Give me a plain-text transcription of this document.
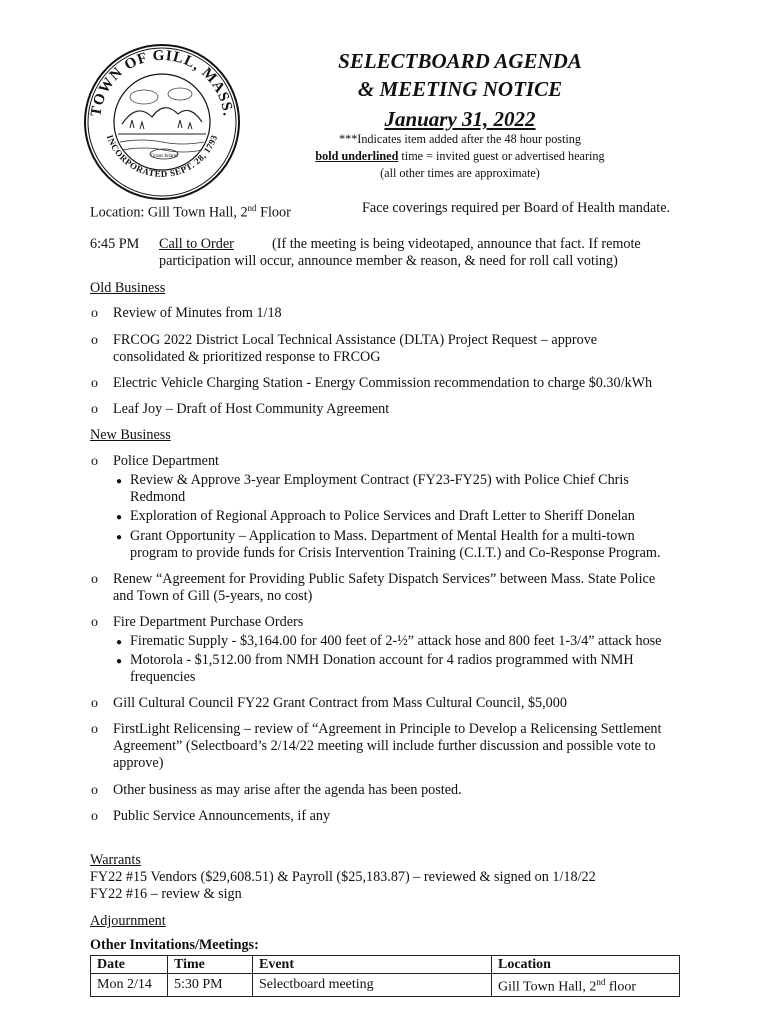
TOWN OF GILL, MASS.
INCORPORATED SEPT. 28, 1793
Grant Island
SELECTBOARD AGENDA
& MEETING NOTICE
January 31, 2022
***Indicates item added after the 48 hour posting
bold underlined time = invited guest or advertised hearing
(all other times are approximate)
Location: Gill Town Hall, 2nd Floor	Face coverings required per Board of Health mandate.
6:45 PM Call to Order	(If the meeting is being videotaped, announce that fact. If remote
participation will occur, announce member & reason, & need for roll call voting)
Old Business
o Review of Minutes from 1/18
o FRCOG 2022 District Local Technical Assistance (DLTA) Project Request – approve
consolidated & prioritized response to FRCOG
o Electric Vehicle Charging Station - Energy Commission recommendation to charge $0.30/kWh
o Leaf Joy – Draft of Host Community Agreement
New Business
o Police Department
● Review & Approve 3-year Employment Contract (FY23-FY25) with Police Chief Chris
Redmond
● Exploration of Regional Approach to Police Services and Draft Letter to Sheriff Donelan
● Grant Opportunity – Application to Mass. Department of Mental Health for a multi-town
program to provide funds for Crisis Intervention Training (C.I.T.) and Co-Response Program.
o Renew “Agreement for Providing Public Safety Dispatch Services” between Mass. State Police
and Town of Gill (5-years, no cost)
o Fire Department Purchase Orders
● Firematic Supply - $3,164.00 for 400 feet of 2-½” attack hose and 800 feet 1-3/4” attack hose
● Motorola - $1,512.00 from NMH Donation account for 4 radios programmed with NMH
frequencies
o Gill Cultural Council FY22 Grant Contract from Mass Cultural Council, $5,000
o FirstLight Relicensing – review of “Agreement in Principle to Develop a Relicensing Settlement
Agreement” (Selectboard’s 2/14/22 meeting will include further discussion and possible vote to
approve)
o Other business as may arise after the agenda has been posted.
o Public Service Announcements, if any
Warrants
FY22 #15 Vendors ($29,608.51) & Payroll ($25,183.87) – reviewed & signed on 1/18/22
FY22 #16 – review & sign
Adjournment
Other Invitations/Meetings:
Date	Time	Event	Location
Mon 2/14	5:30 PM	Selectboard meeting	Gill Town Hall, 2nd floor
